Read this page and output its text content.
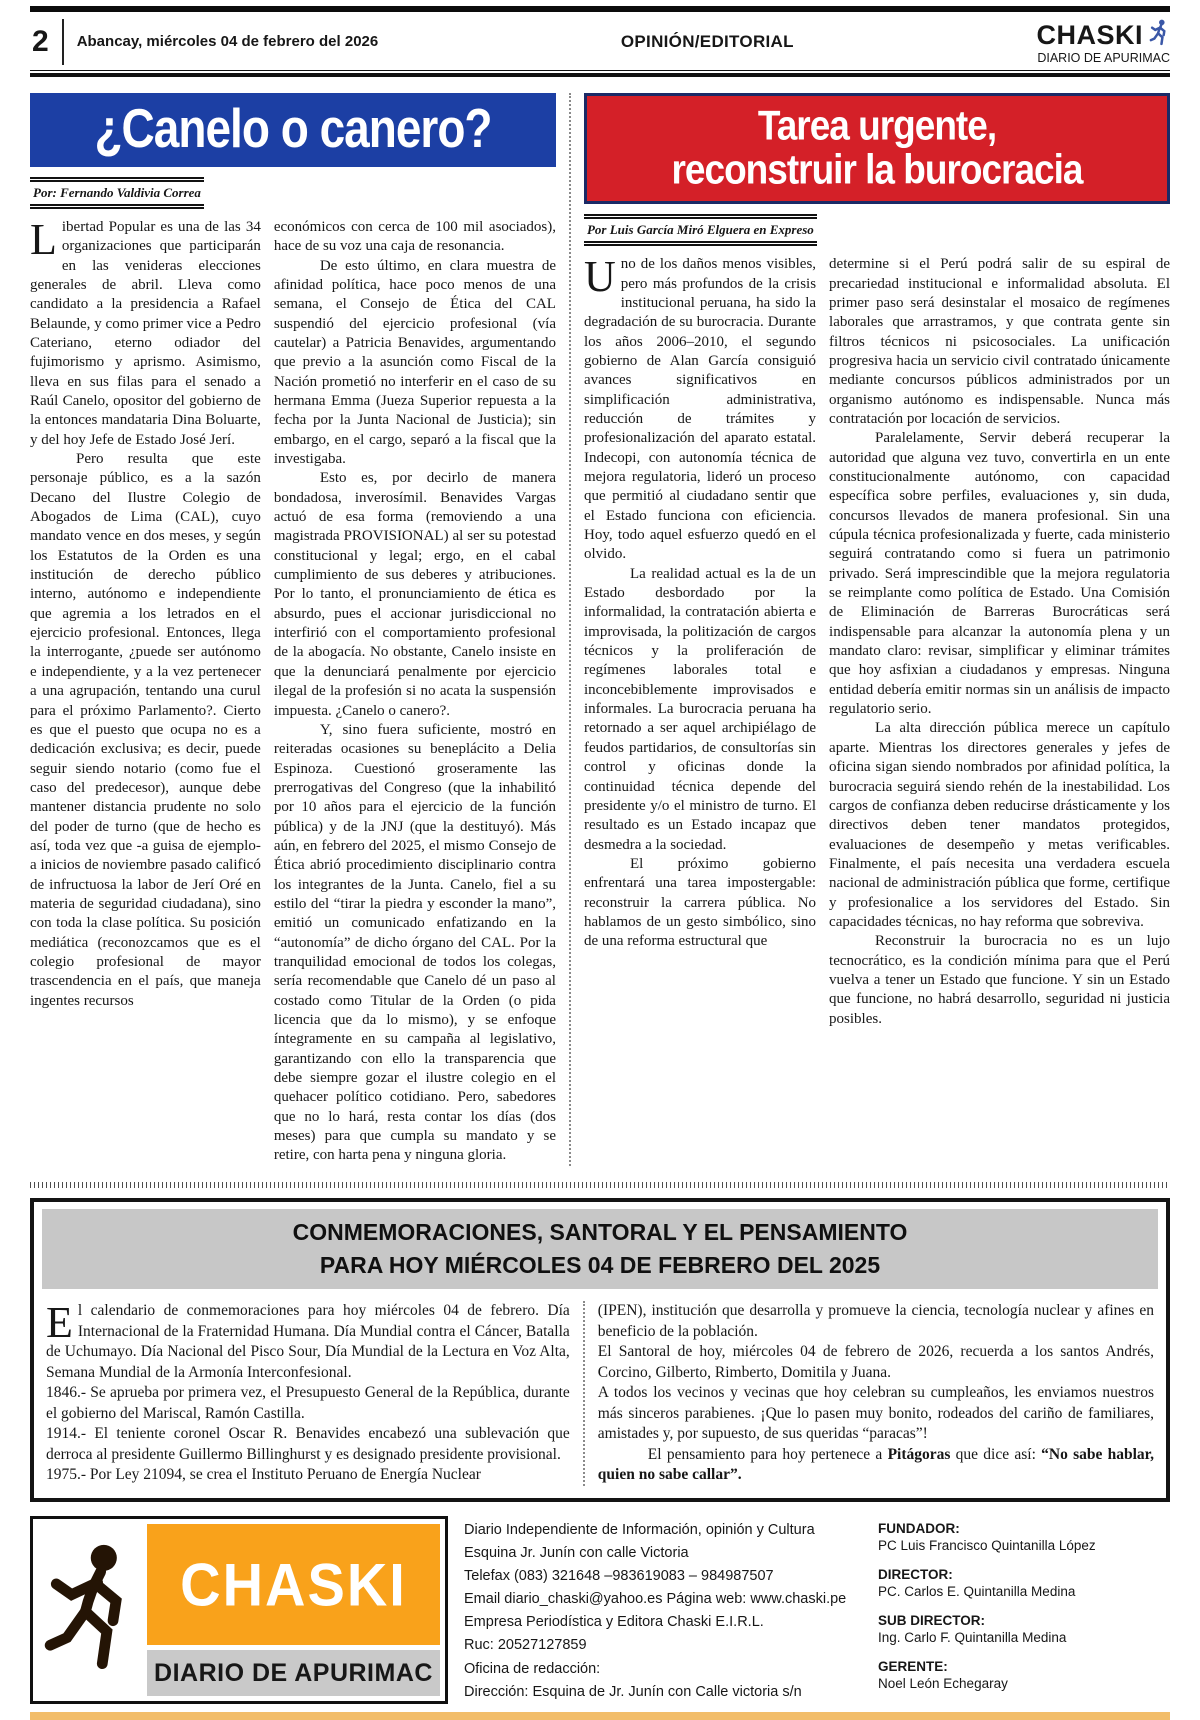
2	Abancay, miércoles 04 de febrero del 2026	OPINIÓN/EDITORIAL	CHASKI
DIARIO DE APURIMAC
¿Canelo o canero?
Por: Fernando Valdivia Correa

Libertad Popular es una de las 34 organizaciones que participarán en las venideras elecciones generales de abril. Lleva como candidato a la presidencia a Rafael Belaunde, y como primer vice a Pedro Cateriano, eterno odiador del fujimorismo y aprismo. Asimismo, lleva en sus filas para el senado a Raúl Canelo, opositor del gobierno de la entonces mandataria Dina Boluarte, y del hoy Jefe de Estado José Jerí.

Pero resulta que este personaje público, es a la sazón Decano del Ilustre Colegio de Abogados de Lima (CAL), cuyo mandato vence en dos meses, y según los Estatutos de la Orden es una institución de derecho público interno, autónomo e independiente que agremia a los letrados en el ejercicio profesional. Entonces, llega la interrogante, ¿puede ser autónomo e independiente, y a la vez pertenecer a una agrupación, tentando una curul para el próximo Parlamento?. Cierto es que el puesto que ocupa no es a dedicación exclusiva; es decir, puede seguir siendo notario (como fue el caso del predecesor), aunque debe mantener distancia prudente no solo del poder de turno (que de hecho es así, toda vez que -a guisa de ejemplo- a inicios de noviembre pasado calificó de infructuosa la labor de Jerí Oré en materia de seguridad ciudadana), sino con toda la clase política. Su posición mediática (reconozcamos que es el colegio profesional de mayor trascendencia en el país, que maneja ingentes recursos

económicos con cerca de 100 mil asociados), hace de su voz una caja de resonancia.

De esto último, en clara muestra de afinidad política, hace poco menos de una semana, el Consejo de Ética del CAL suspendió del ejercicio profesional (vía cautelar) a Patricia Benavides, argumentando que previo a la asunción como Fiscal de la Nación prometió no interferir en el caso de su hermana Emma (Jueza Superior repuesta a la fecha por la Junta Nacional de Justicia); sin embargo, en el cargo, separó a la fiscal que la investigaba.

Esto es, por decirlo de manera bondadosa, inverosímil. Benavides Vargas actuó de esa forma (removiendo a una magistrada PROVISIONAL) al ser su potestad constitucional y legal; ergo, en el cabal cumplimiento de sus deberes y atribuciones. Por lo tanto, el pronunciamiento de ética es absurdo, pues el accionar jurisdiccional no interfirió con el comportamiento profesional de la abogacía. No obstante, Canelo insiste en que la denunciará penalmente por ejercicio ilegal de la profesión si no acata la suspensión impuesta. ¿Canelo o canero?.

Y, sino fuera suficiente, mostró en reiteradas ocasiones su beneplácito a Delia Espinoza. Cuestionó groseramente las prerrogativas del Congreso (que la inhabilitó por 10 años para el ejercicio de la función pública) y de la JNJ (que la destituyó). Más aún, en febrero del 2025, el mismo Consejo de Ética abrió procedimiento disciplinario contra los integrantes de la Junta. Canelo, fiel a su estilo del “tirar la piedra y esconder la mano”, emitió un comunicado enfatizando en la “autonomía” de dicho órgano del CAL. Por la tranquilidad emocional de todos los colegas, sería recomendable que Canelo dé un paso al costado como Titular de la Orden (o pida licencia que da lo mismo), y se enfoque íntegramente en su campaña al legislativo, garantizando con ello la transparencia que debe siempre gozar el ilustre colegio en el quehacer político cotidiano. Pero, sabedores que no lo hará, resta contar los días (dos meses) para que cumpla su mandato y se retire, con harta pena y ninguna gloria.

Tarea urgente,
reconstruir la burocracia
Por Luis García Miró Elguera en Expreso

Uno de los daños menos visibles, pero más profundos de la crisis institucional peruana, ha sido la degradación de su burocracia. Durante los años 2006–2010, el segundo gobierno de Alan García consiguió avances significativos en simplificación administrativa, reducción de trámites y profesionalización del aparato estatal. Indecopi, con autonomía técnica de mejora regulatoria, lideró un proceso que permitió al ciudadano sentir que el Estado funciona con eficiencia. Hoy, todo aquel esfuerzo quedó en el olvido.

La realidad actual es la de un Estado desbordado por la informalidad, la contratación abierta e improvisada, la politización de cargos técnicos y la proliferación de regímenes laborales total e inconcebiblemente improvisados e informales. La burocracia peruana ha retornado a ser aquel archipiélago de feudos partidarios, de consultorías sin control y oficinas donde la continuidad técnica depende del presidente y/o el ministro de turno. El resultado es un Estado incapaz que desmedra a la sociedad.

El próximo gobierno enfrentará una tarea impostergable: reconstruir la carrera pública. No hablamos de un gesto simbólico, sino de una reforma estructural que

determine si el Perú podrá salir de su espiral de precariedad institucional e informalidad absoluta. El primer paso será desinstalar el mosaico de regímenes laborales que arrastramos, y que contrata gente sin filtros técnicos ni psicosociales. La unificación progresiva hacia un servicio civil contratado únicamente mediante concursos públicos administrados por un organismo autónomo es indispensable. Nunca más contratación por locación de servicios.

Paralelamente, Servir deberá recuperar la autoridad que alguna vez tuvo, convertirla en un ente constitucionalmente autónomo, con capacidad específica sobre perfiles, evaluaciones y, sin duda, concursos llevados de manera profesional. Sin una cúpula técnica profesionalizada y fuerte, cada ministerio seguirá contratando como si fuera un patrimonio privado. Será imprescindible que la mejora regulatoria se reimplante como política de Estado. Una Comisión de Eliminación de Barreras Burocráticas será indispensable para alcanzar la autonomía plena y un mandato claro: revisar, simplificar y eliminar trámites que hoy asfixian a ciudadanos y empresas. Ninguna entidad debería emitir normas sin un análisis de impacto regulatorio serio.

La alta dirección pública merece un capítulo aparte. Mientras los directores generales y jefes de oficina sigan siendo nombrados por afinidad política, la burocracia seguirá siendo rehén de la inestabilidad. Los cargos de confianza deben reducirse drásticamente y los directivos deben tener mandatos protegidos, evaluaciones de desempeño y metas verificables. Finalmente, el país necesita una verdadera escuela nacional de administración pública que forme, certifique y profesionalice a los servidores del Estado. Sin capacidades técnicas, no hay reforma que sobreviva.

Reconstruir la burocracia no es un lujo tecnocrático, es la condición mínima para que el Perú vuelva a tener un Estado que funcione. Y sin un Estado que funcione, no habrá desarrollo, seguridad ni justicia posibles.

CONMEMORACIONES, SANTORAL Y EL PENSAMIENTO
PARA HOY MIÉRCOLES 04 DE FEBRERO DEL 2025

El calendario de conmemoraciones para hoy miércoles 04 de febrero. Día Internacional de la Fraternidad Humana. Día Mundial contra el Cáncer, Batalla de Uchumayo. Día Nacional del Pisco Sour, Día Mundial de la Lectura en Voz Alta, Semana Mundial de la Armonía Interconfesional.

1846.- Se aprueba por primera vez, el Presupuesto General de la República, durante el gobierno del Mariscal, Ramón Castilla.

1914.- El teniente coronel Oscar R. Benavides encabezó una sublevación que derroca al presidente Guillermo Billinghurst y es designado presidente provisional.

1975.- Por Ley 21094, se crea el Instituto Peruano de Energía Nuclear

(IPEN), institución que desarrolla y promueve la ciencia, tecnología nuclear y afines en beneficio de la población.

El Santoral de hoy, miércoles 04 de febrero de 2026, recuerda a los santos Andrés, Corcino, Gilberto, Rimberto, Domitila y Juana.

A todos los vecinos y vecinas que hoy celebran su cumpleaños, les enviamos nuestros más sinceros parabienes. ¡Que lo pasen muy bonito, rodeados del cariño de familiares, amistades y, por supuesto, de sus queridas “paracas”!

El pensamiento para hoy pertenece a Pitágoras que dice así: “No sabe hablar, quien no sabe callar”.

CHASKI
DIARIO DE APURIMAC
Diario Independiente de Información, opinión y Cultura
Esquina Jr. Junín con calle Victoria
Telefax (083) 321648 –983619083 – 984987507
Email diario_chaski@yahoo.es Página web: www.chaski.pe
Empresa Periodística y Editora Chaski E.I.R.L.
Ruc: 20527127859
Oficina de redacción:
Dirección: Esquina de Jr. Junín con Calle victoria s/n
FUNDADOR:
PC Luis Francisco Quintanilla López
DIRECTOR:
PC. Carlos E. Quintanilla Medina
SUB DIRECTOR:
Ing. Carlo F. Quintanilla Medina
GERENTE:
Noel León Echegaray
